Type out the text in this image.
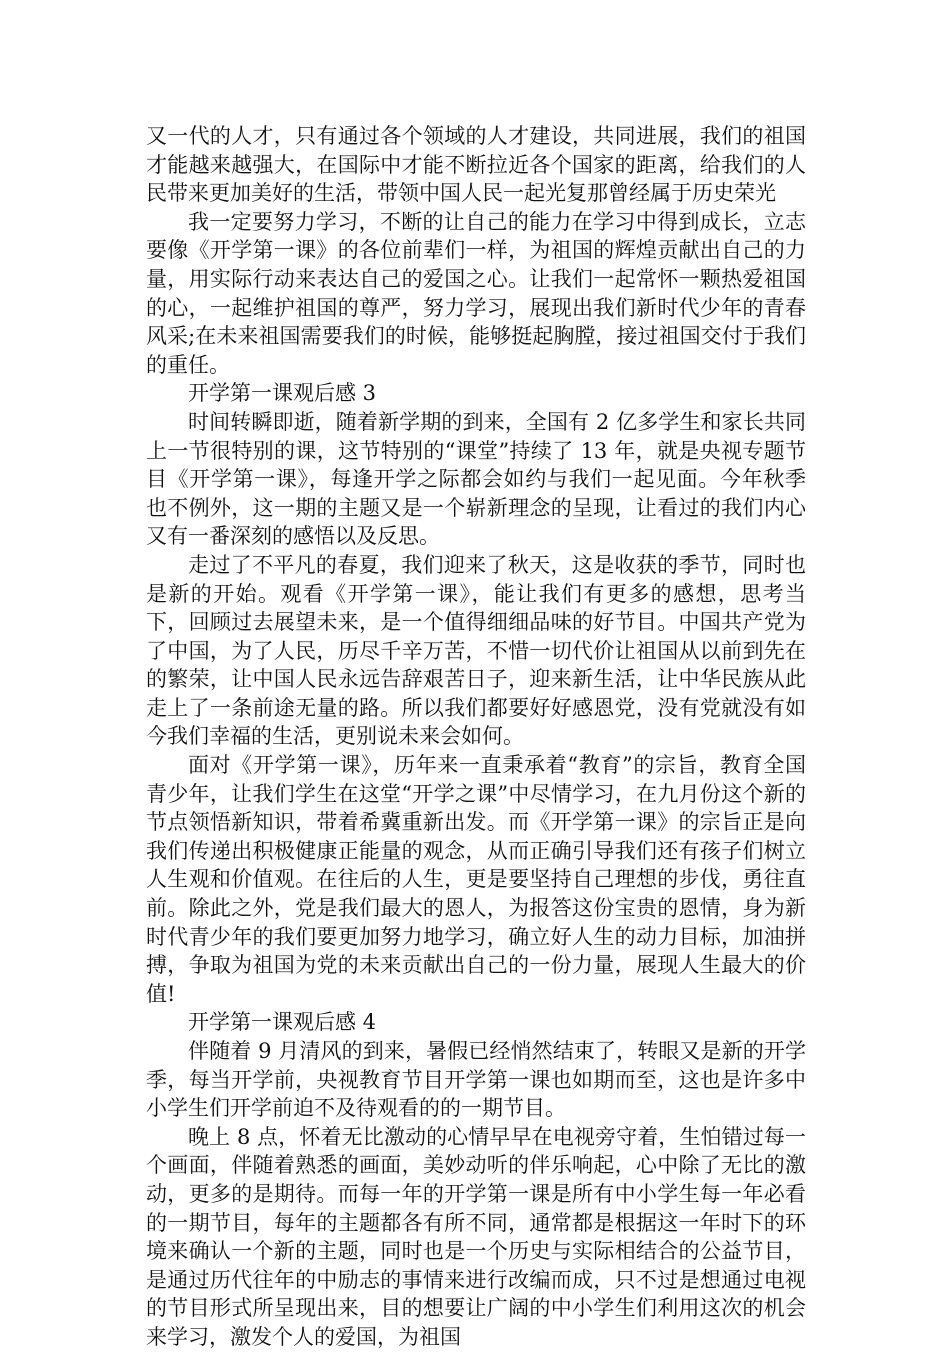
又一代的人才，只有通过各个领域的人才建设，共同进展，我们的祖国才能越来越强大，在国际中才能不断拉近各个国家的距离，给我们的人民带来更加美好的生活，带领中国人民一起光复那曾经属于历史荣光

我一定要努力学习，不断的让自己的能力在学习中得到成长，立志要像《开学第一课》的各位前辈们一样，为祖国的辉煌贡献出自己的力量，用实际行动来表达自己的爱国之心。让我们一起常怀一颗热爱祖国的心，一起维护祖国的尊严，努力学习，展现出我们新时代少年的青春风采;在未来祖国需要我们的时候，能够挺起胸膛，接过祖国交付于我们的重任。

开学第一课观后感 3

时间转瞬即逝，随着新学期的到来，全国有 2 亿多学生和家长共同上一节很特别的课，这节特别的“课堂”持续了 13 年，就是央视专题节目《开学第一课》，每逢开学之际都会如约与我们一起见面。今年秋季也不例外，这一期的主题又是一个崭新理念的呈现，让看过的我们内心又有一番深刻的感悟以及反思。

走过了不平凡的春夏，我们迎来了秋天，这是收获的季节，同时也是新的开始。观看《开学第一课》，能让我们有更多的感想，思考当下，回顾过去展望未来，是一个值得细细品味的好节目。中国共产党为了中国，为了人民，历尽千辛万苦，不惜一切代价让祖国从以前到先在的繁荣，让中国人民永远告辞艰苦日子，迎来新生活，让中华民族从此走上了一条前途无量的路。所以我们都要好好感恩党，没有党就没有如今我们幸福的生活，更别说未来会如何。

面对《开学第一课》，历年来一直秉承着“教育”的宗旨，教育全国青少年，让我们学生在这堂“开学之课”中尽情学习，在九月份这个新的节点领悟新知识，带着希冀重新出发。而《开学第一课》的宗旨正是向我们传递出积极健康正能量的观念，从而正确引导我们还有孩子们树立人生观和价值观。在往后的人生，更是要坚持自己理想的步伐，勇往直前。除此之外，党是我们最大的恩人，为报答这份宝贵的恩情，身为新时代青少年的我们要更加努力地学习，确立好人生的动力目标，加油拼搏，争取为祖国为党的未来贡献出自己的一份力量，展现人生最大的价值!

开学第一课观后感 4

伴随着 9 月清风的到来，暑假已经悄然结束了，转眼又是新的开学季，每当开学前，央视教育节目开学第一课也如期而至，这也是许多中小学生们开学前迫不及待观看的的一期节目。

晚上 8 点，怀着无比激动的心情早早在电视旁守着，生怕错过每一个画面，伴随着熟悉的画面，美妙动听的伴乐响起，心中除了无比的激动，更多的是期待。而每一年的开学第一课是所有中小学生每一年必看的一期节目，每年的主题都各有所不同，通常都是根据这一年时下的环境来确认一个新的主题，同时也是一个历史与实际相结合的公益节目，是通过历代往年的中励志的事情来进行改编而成，只不过是想通过电视的节目形式所呈现出来，目的想要让广阔的中小学生们利用这次的机会来学习，激发个人的爱国，为祖国
